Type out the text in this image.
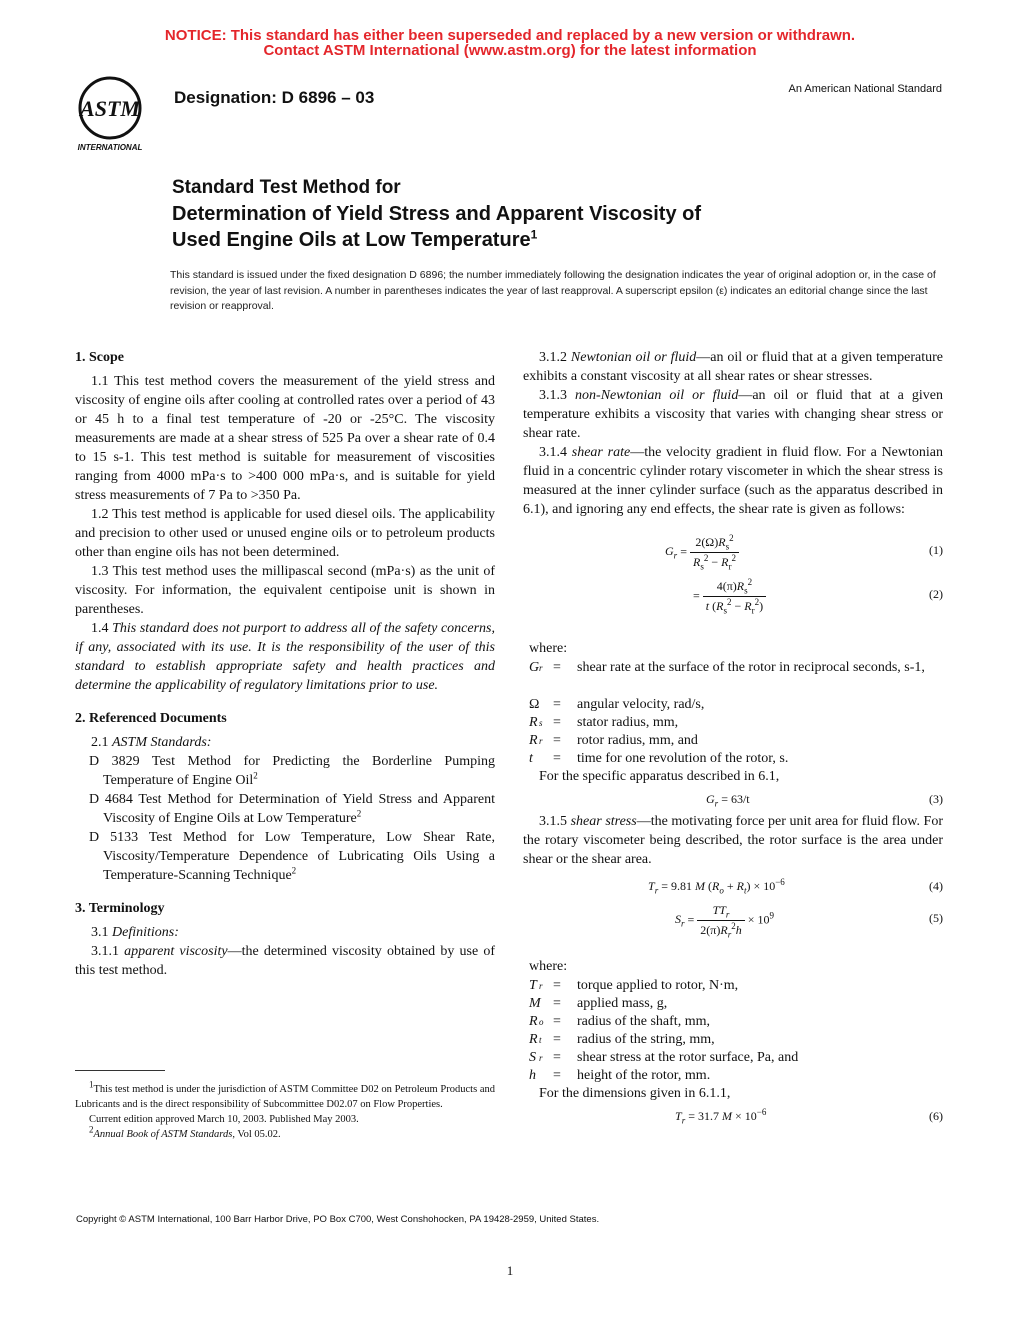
NOTICE: This standard has either been superseded and replaced by a new version or withdrawn.
Contact ASTM International (www.astm.org) for the latest information
ASTM
INTERNATIONAL
Designation: D 6896 – 03	An American National Standard
Standard Test Method for
Determination of Yield Stress and Apparent Viscosity of
Used Engine Oils at Low Temperature$^1$
This standard is issued under the fixed designation D 6896; the number immediately following the designation indicates the year of original adoption or, in the case of revision, the year of last revision. A number in parentheses indicates the year of last reapproval. A superscript epsilon (ε) indicates an editorial change since the last revision or reapproval.

1. Scope

1.1 This test method covers the measurement of the yield stress and viscosity of engine oils after cooling at controlled rates over a period of 43 or 45 h to a final test temperature of -20 or -25°C. The viscosity measurements are made at a shear stress of 525 Pa over a shear rate of 0.4 to 15 s-1. This test method is suitable for measurement of viscosities ranging from 4000 mPa·s to >400 000 mPa·s, and is suitable for yield stress measurements of 7 Pa to >350 Pa.

1.2 This test method is applicable for used diesel oils. The applicability and precision to other used or unused engine oils or to petroleum products other than engine oils has not been determined.

1.3 This test method uses the millipascal second (mPa·s) as the unit of viscosity. For information, the equivalent centipoise unit is shown in parentheses.

1.4 This standard does not purport to address all of the safety concerns, if any, associated with its use. It is the responsibility of the user of this standard to establish appropriate safety and health practices and determine the applicability of regulatory limitations prior to use.

2. Referenced Documents

2.1 ASTM Standards:

D 3829 Test Method for Predicting the Borderline Pumping Temperature of Engine Oil$^2$

D 4684 Test Method for Determination of Yield Stress and Apparent Viscosity of Engine Oils at Low Temperature$^2$

D 5133 Test Method for Low Temperature, Low Shear Rate, Viscosity/Temperature Dependence of Lubricating Oils Using a Temperature-Scanning Technique$^2$

3. Terminology

3.1 Definitions:

3.1.1 apparent viscosity—the determined viscosity obtained by use of this test method.

$^1$This test method is under the jurisdiction of ASTM Committee D02 on Petroleum Products and Lubricants and is the direct responsibility of Subcommittee D02.07 on Flow Properties.

Current edition approved March 10, 2003. Published May 2003.

$^2$Annual Book of ASTM Standards, Vol 05.02.

3.1.2 Newtonian oil or fluid—an oil or fluid that at a given temperature exhibits a constant viscosity at all shear rates or shear stresses.

3.1.3 non-Newtonian oil or fluid—an oil or fluid that at a given temperature exhibits a viscosity that varies with changing shear stress or shear rate.

3.1.4 shear rate—the velocity gradient in fluid flow. For a Newtonian fluid in a concentric cylinder rotary viscometer in which the shear stress is measured at the inner cylinder surface (such as the apparatus described in 6.1), and ignoring any end effects, the shear rate is given as follows:

$G_r = \frac{2(\Omega)R_s^2}{R_s^2 - R_r^2}$	(1)
= $\frac{4(\pi)R_s^2}{t (R_s^2 - R_r^2)}$	(2)

where:

G r = shear rate at the surface of the rotor in reciprocal seconds, s-1,
Ω = angular velocity, rad/s,
R s = stator radius, mm,
R r = rotor radius, mm, and
t = time for one revolution of the rotor, s.

For the specific apparatus described in 6.1,

$G_r = 63/t$	(3)

3.1.5 shear stress—the motivating force per unit area for fluid flow. For the rotary viscometer being described, the rotor surface is the area under shear or the shear area.

$T_r = 9.81$ M $(R_o + R_t) \times 10^{-6}$	(4)
$S_r = \frac{TT_r}{2(\pi)R_r^2h} \times 10^9$	(5)

where:

T r = torque applied to rotor, N·m,
M = applied mass, g,
R o = radius of the shaft, mm,
R t = radius of the string, mm,
S r = shear stress at the rotor surface, Pa, and
h = height of the rotor, mm.

For the dimensions given in 6.1.1,

$T_r = 31.7$ $M \times 10^{-6}$	(6)
Copyright © ASTM International, 100 Barr Harbor Drive, PO Box C700, West Conshohocken, PA 19428-2959, United States.
1
